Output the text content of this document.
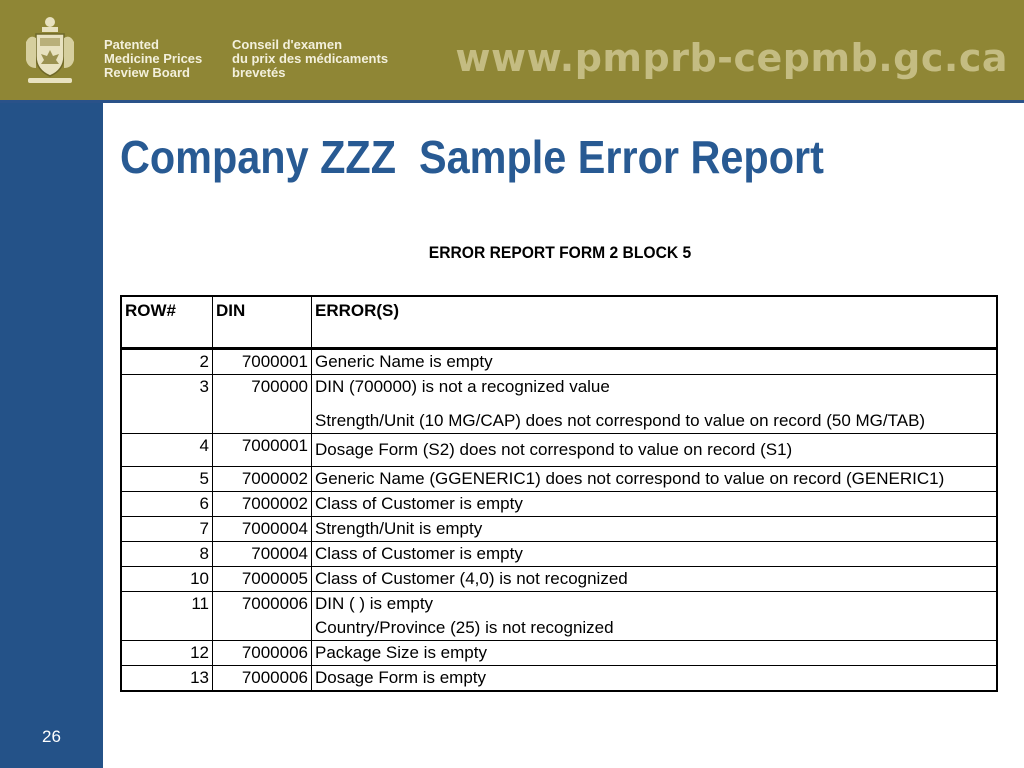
Patented
Medicine Prices
Review Board
Conseil d'examen
du prix des médicaments
brevetés	www.pmprb-cepmb.gc.ca
26
Company ZZZ  Sample Error Report
ERROR REPORT FORM 2 BLOCK 5
ROW#	DIN	ERROR(S)
2	7000001	Generic Name is empty

3	700000	DIN (700000) is not a recognized value
Strength/Unit (10 MG/CAP) does not correspond to value on record (50 MG/TAB)

4	7000001	Dosage Form (S2) does not correspond to value on record (S1)

5	7000002	Generic Name (GGENERIC1) does not correspond to value on record (GENERIC1)

6	7000002	Class of Customer is empty

7	7000004	Strength/Unit is empty

8	700004	Class of Customer is empty

10	7000005	Class of Customer (4,0) is not recognized

11	7000006	DIN ( ) is empty
Country/Province (25) is not recognized

12	7000006	Package Size is empty

13	7000006	Dosage Form is empty
